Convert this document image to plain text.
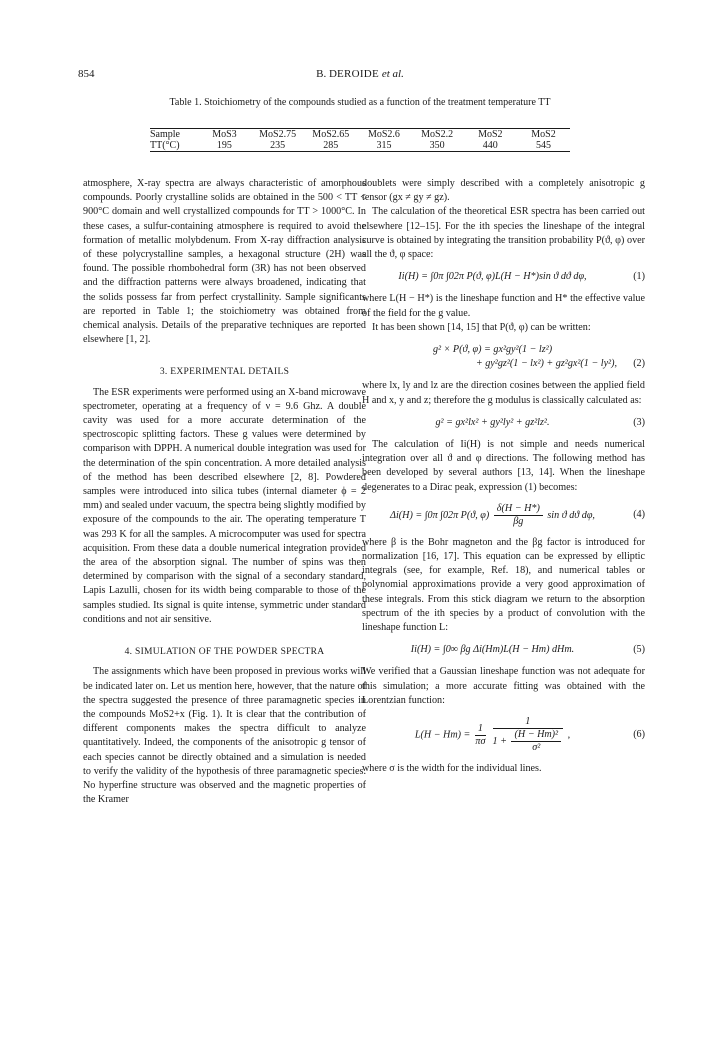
854	B. DEROIDE et al.
Table 1. Stoichiometry of the compounds studied as a function of the treatment temperature TT
Sample	MoS3	MoS2.75	MoS2.65	MoS2.6	MoS2.2	MoS2	MoS2
TT(°C)	195	235	285	315	350	440	545

atmosphere, X-ray spectra are always characteristic of amorphous compounds. Poorly crystalline solids are obtained in the 500 < TT < 900°C domain and well crystallized compounds for TT > 1000°C. In these cases, a sulfur-containing atmosphere is required to avoid the formation of metallic molybdenum. From X-ray diffraction analysis of these polycrystalline samples, a hexagonal structure (2H) was found. The possible rhombohedral form (3R) has not been observed and the diffraction patterns were always broadened, indicating that the solids possess far from perfect crystallinity. Sample significants are reported in Table 1; the stoichiometry was obtained from chemical analysis. Details of the preparative techniques are reported elsewhere [1, 2].

3. EXPERIMENTAL DETAILS

The ESR experiments were performed using an X-band microwave spectrometer, operating at a frequency of ν = 9.6 Ghz. A double cavity was used for a more accurate determination of the spectroscopic splitting factors. These g values were determined by comparison with DPPH. A numerical double integration was used for the determination of the spin concentration. A more detailed analysis of the method has been described elsewhere [2, 8]. Powdered samples were introduced into silica tubes (internal diameter ϕ = 2 mm) and sealed under vacuum, the spectra being slightly modified by exposure of the compounds to the air. The operating temperature T was 293 K for all the samples. A microcomputer was used for spectra acquisition. From these data a double numerical integration provided the area of the absorption signal. The number of spins was then determined by comparison with the signal of a secondary standard, Lapis Lazulli, chosen for its width being comparable to those of the samples studied. Its signal is quite intense, symmetric under standard conditions and not air sensitive.

4. SIMULATION OF THE POWDER SPECTRA

The assignments which have been proposed in previous works will be indicated later on. Let us mention here, however, that the nature of the spectra suggested the presence of three paramagnetic species in the compounds MoS2+x (Fig. 1). It is clear that the contribution of different components makes the spectra difficult to analyze quantitatively. Indeed, the components of the anisotropic g tensor of each species cannot be directly obtained and a simulation is needed to verify the validity of the hypothesis of three paramagnetic species. No hyperfine structure was observed and the magnetic properties of the Kramer

doublets were simply described with a completely anisotropic g tensor (gx ≠ gy ≠ gz).

The calculation of the theoretical ESR spectra has been carried out elsewhere [12–15]. For the ith species the lineshape of the integral curve is obtained by integrating the transition probability P(ϑ, φ) over all the ϑ, φ space:

Ii(H) = ∫0π ∫02π P(ϑ, φ)L(H − H*)sin ϑ dϑ dφ,	(1)

where L(H − H*) is the lineshape function and H* the effective value of the field for the g value.

It has been shown [14, 15] that P(ϑ, φ) can be written:

g² × P(ϑ, φ) = gx²gy²(1 − lz²)
+ gy²gz²(1 − lx²) + gz²gx²(1 − ly²),	(2)

where lx, ly and lz are the direction cosines between the applied field H and x, y and z; therefore the g modulus is classically calculated as:

g² = gx²lx² + gy²ly² + gz²lz².	(3)

The calculation of Ii(H) is not simple and needs numerical integration over all ϑ and φ directions. The following method has been developed by several authors [13, 14]. When the lineshape degenerates to a Dirac peak, expression (1) becomes:

Δi(H) = ∫0π ∫02π P(ϑ, $\varphi) \frac{\delta(H - H*)}{\beta g}$ sin ϑ dϑ dφ,	(4)

where β is the Bohr magneton and the βg factor is introduced for normalization [16, 17]. This equation can be expressed by elliptic integrals (see, for example, Ref. 18), and numerical tables or polynomial approximations provide a very good approximation of these integrals. From this stick diagram we return to the absorption spectrum of the ith species by a product of convolution with the lineshape function L:

Ii(H) = ∫0∞ βg Δi(Hm)L(H − Hm) dHm.	(5)

We verified that a Gaussian lineshape function was not adequate for this simulation; a more accurate fitting was obtained with the Lorentzian function:

$L(H - Hm) = \frac{1}{\pi\sigma}$
$\frac{1}{1 + \frac{\text{(H − Hm)²}}{\text{σ²}}}$ ,	(6)

where σ is the width for the individual lines.
